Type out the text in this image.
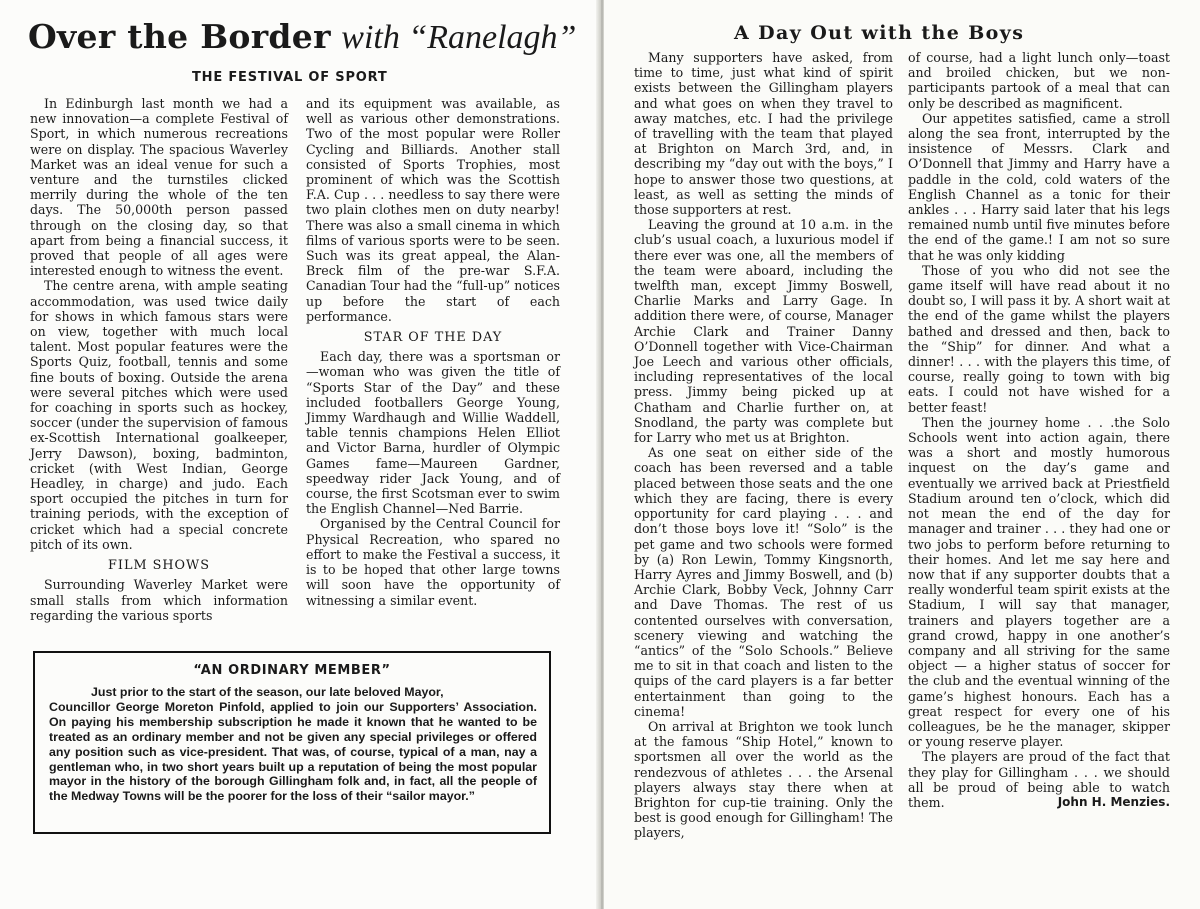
Over the Border with “Ranelagh”
THE FESTIVAL OF SPORT

In Edinburgh last month we had a new innovation—a complete Festival of Sport, in which numerous recreations were on display. The spacious Waverley Market was an ideal venue for such a venture and the turnstiles clicked merrily during the whole of the ten days. The 50,000th person passed through on the closing day, so that apart from being a financial success, it proved that people of all ages were interested enough to witness the event.

The centre arena, with ample seating accommodation, was used twice daily for shows in which famous stars were on view, together with much local talent. Most popular features were the Sports Quiz, football, tennis and some fine bouts of boxing. Outside the arena were several pitches which were used for coaching in sports such as hockey, soccer (under the supervision of famous ex-Scottish International goalkeeper, Jerry Dawson), boxing, badminton, cricket (with West Indian, George Headley, in charge) and judo. Each sport occupied the pitches in turn for training periods, with the exception of cricket which had a special concrete pitch of its own.

FILM SHOWS

Surrounding Waverley Market were small stalls from which information regarding the various sports

and its equipment was available, as well as various other demonstrations. Two of the most popular were Roller Cycling and Billiards. Another stall consisted of Sports Trophies, most prominent of which was the Scottish F.A. Cup . . . needless to say there were two plain clothes men on duty nearby! There was also a small cinema in which films of various sports were to be seen. Such was its great appeal, the Alan-Breck film of the pre-war S.F.A. Canadian Tour had the “full-up” notices up before the start of each performance.

STAR OF THE DAY

Each day, there was a sportsman or—woman who was given the title of “Sports Star of the Day” and these included footballers George Young, Jimmy Wardhaugh and Willie Waddell, table tennis champions Helen Elliot and Victor Barna, hurdler of Olympic Games fame—Maureen Gardner, speedway rider Jack Young, and of course, the first Scotsman ever to swim the English Channel—Ned Barrie.

Organised by the Central Council for Physical Recreation, who spared no effort to make the Festival a success, it is to be hoped that other large towns will soon have the opportunity of witnessing a similar event.

“AN ORDINARY MEMBER”
Just prior to the start of the season, our late beloved Mayor,
Councillor George Moreton Pinfold, applied to join our Supporters’ Association. On paying his membership subscription he made it known that he wanted to be treated as an ordinary member and not be given any special privileges or offered any position such as vice-president. That was, of course, typical of a man, nay a gentleman who, in two short years built up a reputation of being the most popular mayor in the history of the borough Gillingham folk and, in fact, all the people of the Medway Towns will be the poorer for the loss of their “sailor mayor.”
A Day Out with the Boys

Many supporters have asked, from time to time, just what kind of spirit exists between the Gillingham players and what goes on when they travel to away matches, etc. I had the privilege of travelling with the team that played at Brighton on March 3rd, and, in describing my “day out with the boys,” I hope to answer those two questions, at least, as well as setting the minds of those supporters at rest.

Leaving the ground at 10 a.m. in the club’s usual coach, a luxurious model if there ever was one, all the members of the team were aboard, including the twelfth man, except Jimmy Boswell, Charlie Marks and Larry Gage. In addition there were, of course, Manager Archie Clark and Trainer Danny O’Donnell together with Vice-Chairman Joe Leech and various other officials, including representatives of the local press. Jimmy being picked up at Chatham and Charlie further on, at Snodland, the party was complete but for Larry who met us at Brighton.

As one seat on either side of the coach has been reversed and a table placed between those seats and the one which they are facing, there is every opportunity for card playing . . . and don’t those boys love it! “Solo” is the pet game and two schools were formed by (a) Ron Lewin, Tommy Kingsnorth, Harry Ayres and Jimmy Boswell, and (b) Archie Clark, Bobby Veck, Johnny Carr and Dave Thomas. The rest of us contented ourselves with conversation, scenery viewing and watching the “antics” of the “Solo Schools.” Believe me to sit in that coach and listen to the quips of the card players is a far better entertainment than going to the cinema!

On arrival at Brighton we took lunch at the famous “Ship Hotel,” known to sportsmen all over the world as the rendezvous of athletes . . . the Arsenal players always stay there when at Brighton for cup-tie training. Only the best is good enough for Gillingham! The players,

of course, had a light lunch only—toast and broiled chicken, but we non-participants partook of a meal that can only be described as magnificent.

Our appetites satisfied, came a stroll along the sea front, interrupted by the insistence of Messrs. Clark and O’Donnell that Jimmy and Harry have a paddle in the cold, cold waters of the English Channel as a tonic for their ankles . . . Harry said later that his legs remained numb until five minutes before the end of the game.! I am not so sure that he was only kidding

Those of you who did not see the game itself will have read about it no doubt so, I will pass it by. A short wait at the end of the game whilst the players bathed and dressed and then, back to the “Ship” for dinner. And what a dinner! . . . with the players this time, of course, really going to town with big eats. I could not have wished for a better feast!

Then the journey home . . .the Solo Schools went into action again, there was a short and mostly humorous inquest on the day’s game and eventually we arrived back at Priestfield Stadium around ten o’clock, which did not mean the end of the day for manager and trainer . . . they had one or two jobs to perform before returning to their homes. And let me say here and now that if any supporter doubts that a really wonderful team spirit exists at the Stadium, I will say that manager, trainers and players together are a grand crowd, happy in one another’s company and all striving for the same object — a higher status of soccer for the club and the eventual winning of the game’s highest honours. Each has a great respect for every one of his colleagues, be he the manager, skipper or young reserve player.

The players are proud of the fact that they play for Gillingham . . . we should all be proud of being able to watch them.	John H. Menzies.
